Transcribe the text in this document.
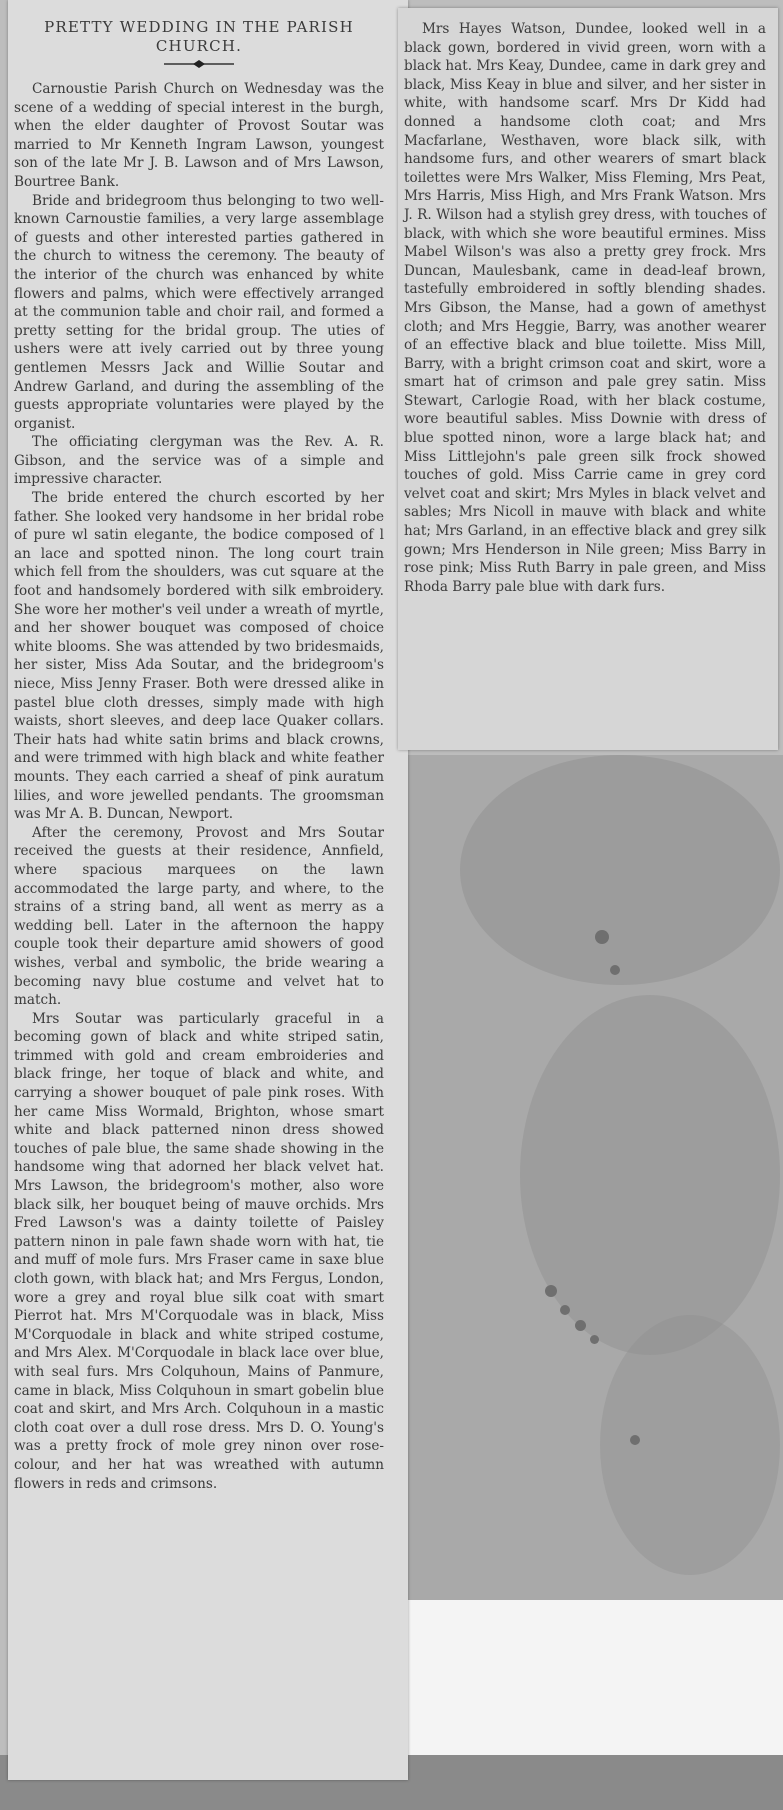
PRETTY WEDDING IN THE PARISH CHURCH.

Carnoustie Parish Church on Wednesday was the scene of a wedding of special interest in the burgh, when the elder daughter of Provost Soutar was married to Mr Kenneth Ingram Lawson, youngest son of the late Mr J. B. Lawson and of Mrs Lawson, Bourtree Bank.

Bride and bridegroom thus belonging to two well-known Carnoustie families, a very large assemblage of guests and other interested parties gathered in the church to witness the ceremony. The beauty of the interior of the church was enhanced by white flowers and palms, which were effectively arranged at the communion table and choir rail, and formed a pretty setting for the bridal group. The uties of ushers were att ively carried out by three young gentlemen Messrs Jack and Willie Soutar and Andrew Garland, and during the assembling of the guests appropriate voluntaries were played by the organist.

The officiating clergyman was the Rev. A. R. Gibson, and the service was of a simple and impressive character.

The bride entered the church escorted by her father. She looked very handsome in her bridal robe of pure wl satin elegante, the bodice composed of l an lace and spotted ninon. The long court train which fell from the shoulders, was cut square at the foot and handsomely bordered with silk embroidery. She wore her mother's veil under a wreath of myrtle, and her shower bouquet was composed of choice white blooms. She was attended by two bridesmaids, her sister, Miss Ada Soutar, and the bridegroom's niece, Miss Jenny Fraser. Both were dressed alike in pastel blue cloth dresses, simply made with high waists, short sleeves, and deep lace Quaker collars. Their hats had white satin brims and black crowns, and were trimmed with high black and white feather mounts. They each carried a sheaf of pink auratum lilies, and wore jewelled pendants. The groomsman was Mr A. B. Duncan, Newport.

After the ceremony, Provost and Mrs Soutar received the guests at their residence, Annfield, where spacious marquees on the lawn accommodated the large party, and where, to the strains of a string band, all went as merry as a wedding bell. Later in the afternoon the happy couple took their departure amid showers of good wishes, verbal and symbolic, the bride wearing a becoming navy blue costume and velvet hat to match.

Mrs Soutar was particularly graceful in a becoming gown of black and white striped satin, trimmed with gold and cream embroideries and black fringe, her toque of black and white, and carrying a shower bouquet of pale pink roses. With her came Miss Wormald, Brighton, whose smart white and black patterned ninon dress showed touches of pale blue, the same shade showing in the handsome wing that adorned her black velvet hat. Mrs Lawson, the bridegroom's mother, also wore black silk, her bouquet being of mauve orchids. Mrs Fred Lawson's was a dainty toilette of Paisley pattern ninon in pale fawn shade worn with hat, tie and muff of mole furs. Mrs Fraser came in saxe blue cloth gown, with black hat; and Mrs Fergus, London, wore a grey and royal blue silk coat with smart Pierrot hat. Mrs M'Corquodale was in black, Miss M'Corquodale in black and white striped costume, and Mrs Alex. M'Corquodale in black lace over blue, with seal furs. Mrs Colquhoun, Mains of Panmure, came in black, Miss Colquhoun in smart gobelin blue coat and skirt, and Mrs Arch. Colquhoun in a mastic cloth coat over a dull rose dress. Mrs D. O. Young's was a pretty frock of mole grey ninon over rose-colour, and her hat was wreathed with autumn flowers in reds and crimsons.

Mrs Hayes Watson, Dundee, looked well in a black gown, bordered in vivid green, worn with a black hat. Mrs Keay, Dundee, came in dark grey and black, Miss Keay in blue and silver, and her sister in white, with handsome scarf. Mrs Dr Kidd had donned a handsome cloth coat; and Mrs Macfarlane, Westhaven, wore black silk, with handsome furs, and other wearers of smart black toilettes were Mrs Walker, Miss Fleming, Mrs Peat, Mrs Harris, Miss High, and Mrs Frank Watson. Mrs J. R. Wilson had a stylish grey dress, with touches of black, with which she wore beautiful ermines. Miss Mabel Wilson's was also a pretty grey frock. Mrs Duncan, Maulesbank, came in dead-leaf brown, tastefully embroidered in softly blending shades. Mrs Gibson, the Manse, had a gown of amethyst cloth; and Mrs Heggie, Barry, was another wearer of an effective black and blue toilette. Miss Mill, Barry, with a bright crimson coat and skirt, wore a smart hat of crimson and pale grey satin. Miss Stewart, Carlogie Road, with her black costume, wore beautiful sables. Miss Downie with dress of blue spotted ninon, wore a large black hat; and Miss Littlejohn's pale green silk frock showed touches of gold. Miss Carrie came in grey cord velvet coat and skirt; Mrs Myles in black velvet and sables; Mrs Nicoll in mauve with black and white hat; Mrs Garland, in an effective black and grey silk gown; Mrs Henderson in Nile green; Miss Barry in rose pink; Miss Ruth Barry in pale green, and Miss Rhoda Barry pale blue with dark furs.
